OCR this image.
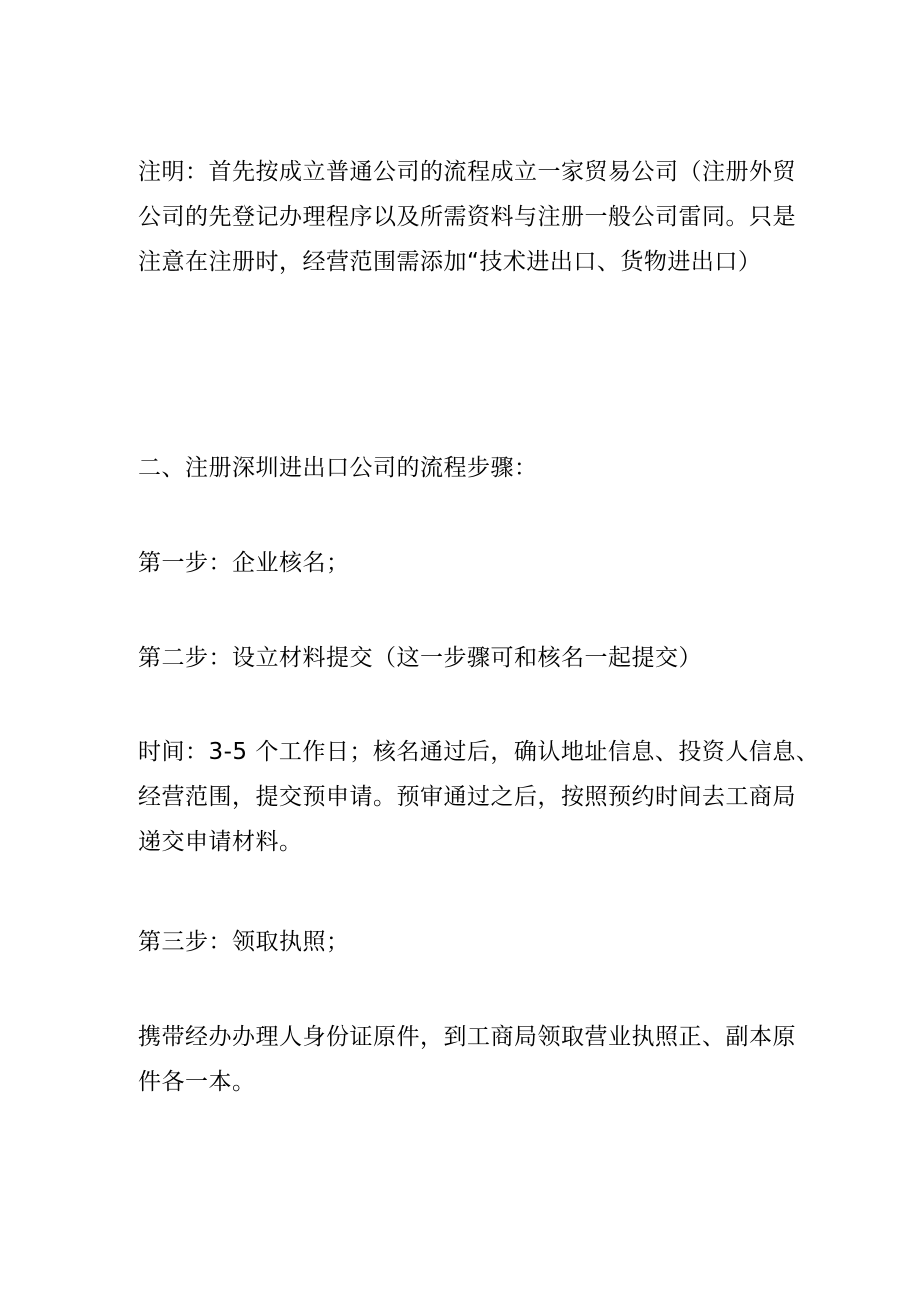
注明：首先按成立普通公司的流程成立一家贸易公司（注册外贸
公司的先登记办理程序以及所需资料与注册一般公司雷同。只是
注意在注册时，经营范围需添加“技术进出口、货物进出口）
二、注册深圳进出口公司的流程步骤：
第一步：企业核名；
第二步：设立材料提交（这一步骤可和核名一起提交）
时间：3-5 个工作日；核名通过后，确认地址信息、投资人信息、
经营范围，提交预申请。预审通过之后，按照预约时间去工商局
递交申请材料。
第三步：领取执照；
携带经办办理人身份证原件，到工商局领取营业执照正、副本原
件各一本。
